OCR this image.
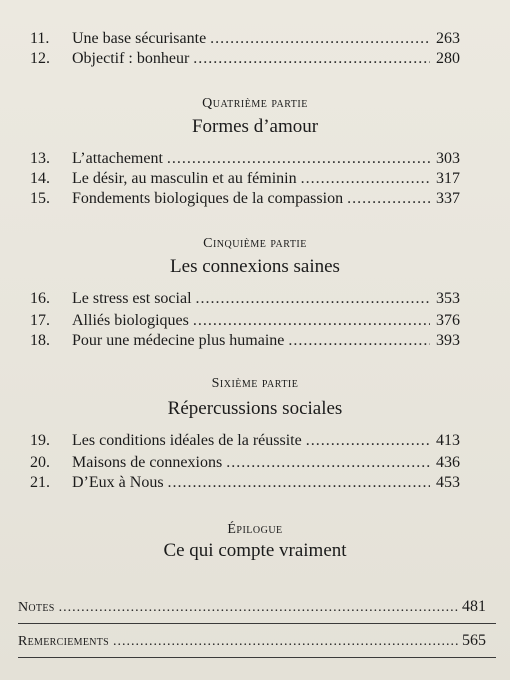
11.	Une base sécurisante .....	263
12.	Objectif : bonheur .....	280
Quatrième partie
Formes d’amour
13.	L’attachement .....	303
14.	Le désir, au masculin et au féminin .....	317
15.	Fondements biologiques de la compassion .....	337
Cinquième partie
Les connexions saines
16.	Le stress est social .....	353
17.	Alliés biologiques .....	376
18.	Pour une médecine plus humaine .....	393
Sixième partie
Répercussions sociales
19.	Les conditions idéales de la réussite .....	413
20.	Maisons de connexions .....	436
21.	D’Eux à Nous .....	453
Épilogue
Ce qui compte vraiment
Notes .....	481
Remerciements .....	565
